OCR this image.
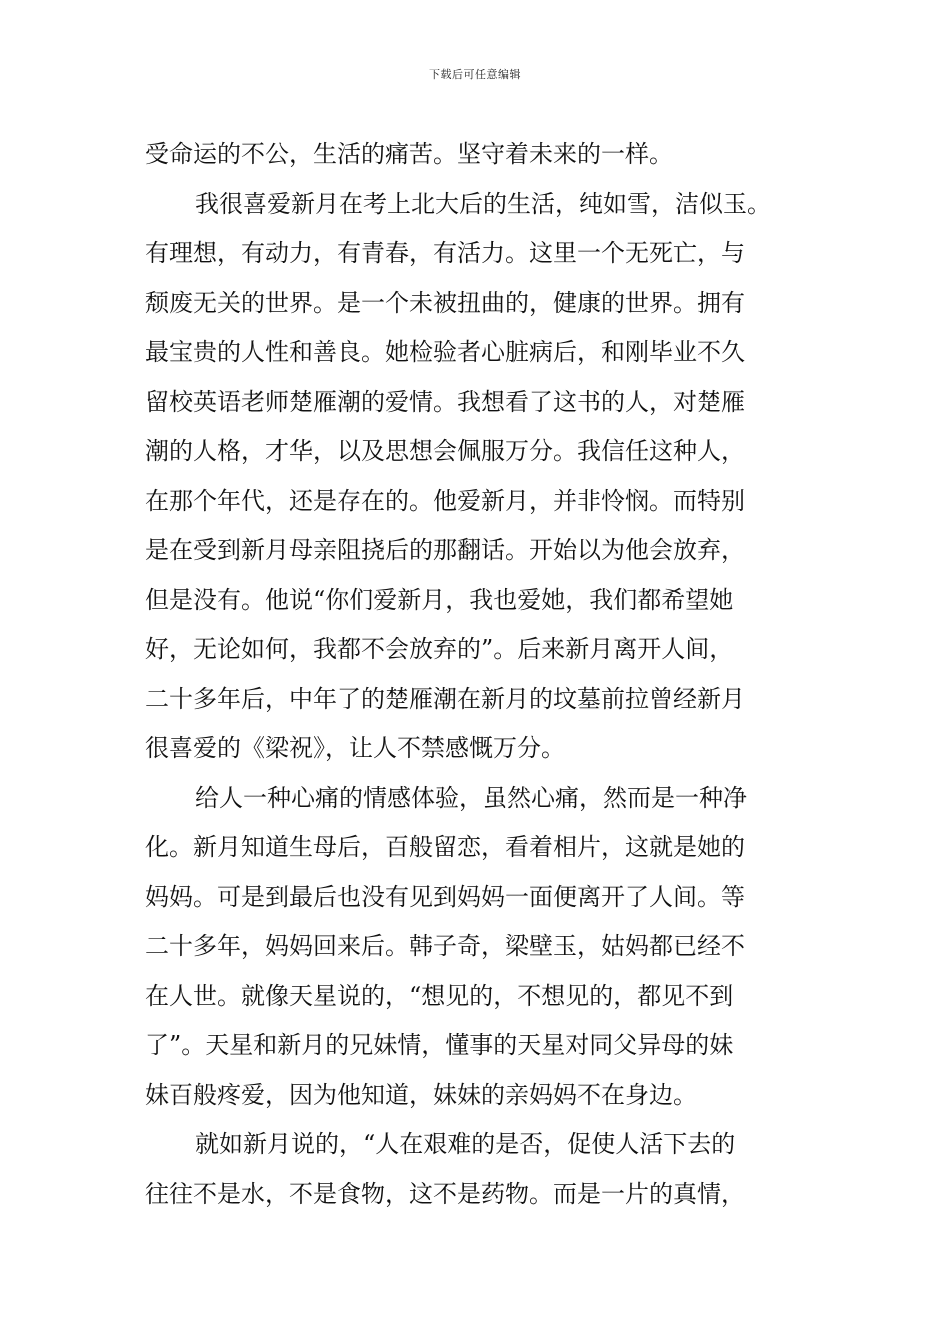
下载后可任意编辑
受命运的不公，生活的痛苦。坚守着未来的一样。
我很喜爱新月在考上北大后的生活，纯如雪，洁似玉。
有理想，有动力，有青春，有活力。这里一个无死亡，与
颓废无关的世界。是一个未被扭曲的，健康的世界。拥有
最宝贵的人性和善良。她检验者心脏病后，和刚毕业不久
留校英语老师楚雁潮的爱情。我想看了这书的人，对楚雁
潮的人格，才华，以及思想会佩服万分。我信任这种人，
在那个年代，还是存在的。他爱新月，并非怜悯。而特别
是在受到新月母亲阻挠后的那翻话。开始以为他会放弃，
但是没有。他说“你们爱新月，我也爱她，我们都希望她
好，无论如何，我都不会放弃的”。后来新月离开人间，
二十多年后，中年了的楚雁潮在新月的坟墓前拉曾经新月
很喜爱的《梁祝》，让人不禁感慨万分。
给人一种心痛的情感体验，虽然心痛，然而是一种净
化。新月知道生母后，百般留恋，看着相片，这就是她的
妈妈。可是到最后也没有见到妈妈一面便离开了人间。等
二十多年，妈妈回来后。韩子奇，梁壁玉，姑妈都已经不
在人世。就像天星说的，“想见的，不想见的，都见不到
了”。天星和新月的兄妹情，懂事的天星对同父异母的妹
妹百般疼爱，因为他知道，妹妹的亲妈妈不在身边。
就如新月说的，“人在艰难的是否，促使人活下去的
往往不是水，不是食物，这不是药物。而是一片的真情，
